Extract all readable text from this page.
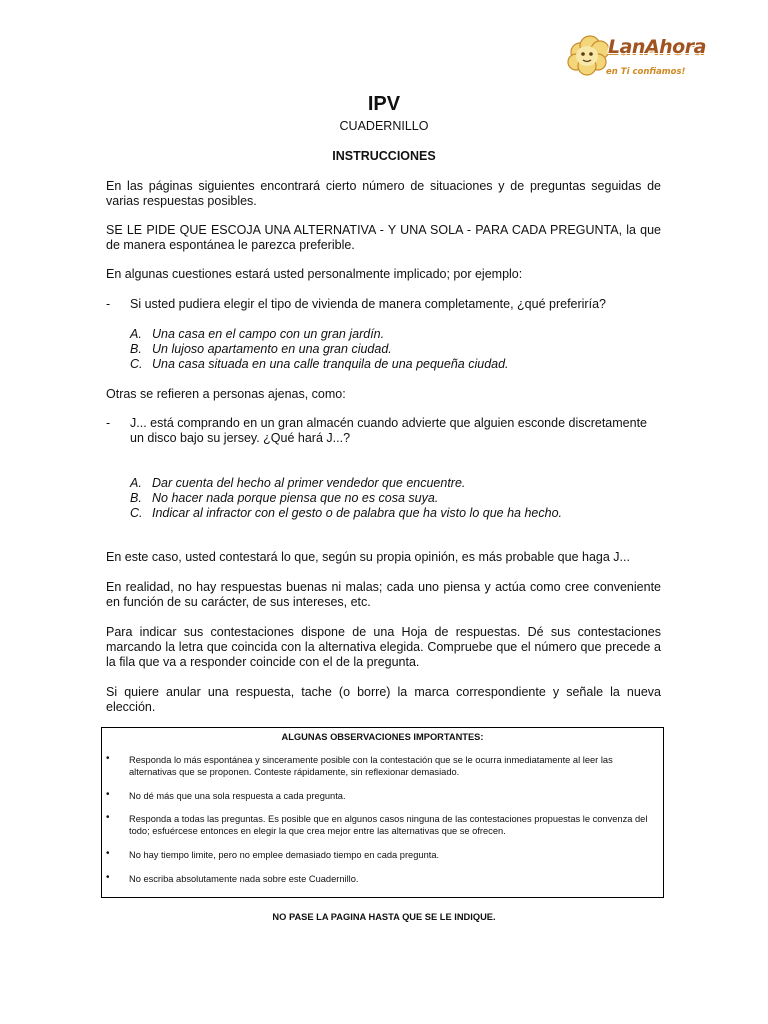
LanAhora
en Ti confiamos!
IPV
CUADERNILLO
INSTRUCCIONES
En las páginas siguientes encontrará cierto número de situaciones y de preguntas seguidas de varias respuestas posibles.
SE LE PIDE QUE ESCOJA UNA ALTERNATIVA - Y UNA SOLA - PARA CADA PREGUNTA, la que de manera espontánea le parezca preferible.
En algunas cuestiones estará usted personalmente implicado; por ejemplo:
- Si usted pudiera elegir el tipo de vivienda de manera completamente, ¿qué preferiría?
A. Una casa en el campo con un gran jardín.
B. Un lujoso apartamento en una gran ciudad.
C. Una casa situada en una calle tranquila de una pequeña ciudad.
Otras se refieren a personas ajenas, como:
- J... está comprando en un gran almacén cuando advierte que alguien esconde discretamente un disco bajo su jersey. ¿Qué hará J...?
A. Dar cuenta del hecho al primer vendedor que encuentre.
B. No hacer nada porque piensa que no es cosa suya.
C. Indicar al infractor con el gesto o de palabra que ha visto lo que ha hecho.
En este caso, usted contestará lo que, según su propia opinión, es más probable que haga J...
En realidad, no hay respuestas buenas ni malas; cada uno piensa y actúa como cree conveniente en función de su carácter, de sus intereses, etc.
Para indicar sus contestaciones dispone de una Hoja de respuestas. Dé sus contestaciones marcando la letra que coincida con la alternativa elegida. Compruebe que el número que precede a la fila que va a responder coincide con el de la pregunta.
Si quiere anular una respuesta, tache (o borre) la marca correspondiente y señale la nueva elección.
ALGUNAS OBSERVACIONES IMPORTANTES:
• Responda lo más espontánea y sinceramente posible con la contestación que se le ocurra inmediatamente al leer las alternativas que se proponen. Conteste rápidamente, sin reflexionar demasiado.
• No dé más que una sola respuesta a cada pregunta.
• Responda a todas las preguntas. Es posible que en algunos casos ninguna de las contestaciones propuestas le convenza del todo; esfuércese entonces en elegir la que crea mejor entre las alternativas que se ofrecen.
• No hay tiempo limite, pero no emplee demasiado tiempo en cada pregunta.
• No escriba absolutamente nada sobre este Cuadernillo.
NO PASE LA PAGINA HASTA QUE SE LE INDIQUE.
